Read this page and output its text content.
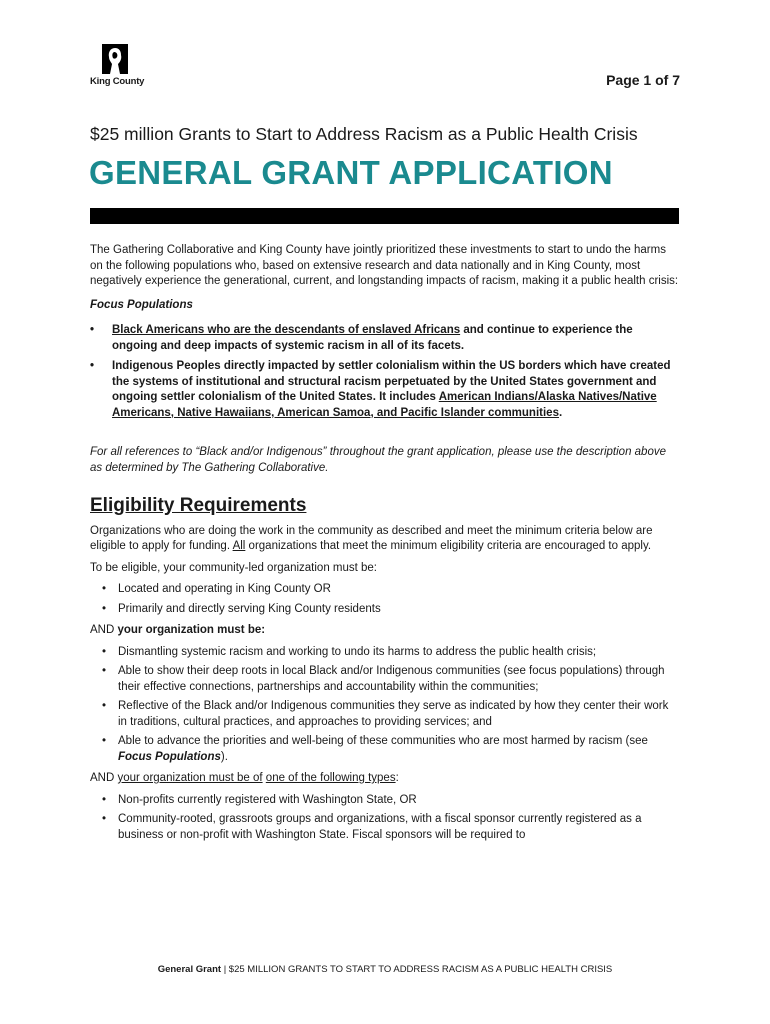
King County	Page 1 of 7
$25 million Grants to Start to Address Racism as a Public Health Crisis
GENERAL GRANT APPLICATION

The Gathering Collaborative and King County have jointly prioritized these investments to start to undo the harms on the following populations who, based on extensive research and data nationally and in King County, most negatively experience the generational, current, and longstanding impacts of racism, making it a public health crisis:

Focus Populations

• Black Americans who are the descendants of enslaved Africans and continue to experience the ongoing and deep impacts of systemic racism in all of its facets.
• Indigenous Peoples directly impacted by settler colonialism within the US borders which have created the systems of institutional and structural racism perpetuated by the United States government and ongoing settler colonialism of the United States. It includes American Indians/Alaska Natives/Native Americans, Native Hawaiians, American Samoa, and Pacific Islander communities.

For all references to “Black and/or Indigenous” throughout the grant application, please use the description above as determined by The Gathering Collaborative.

Eligibility Requirements

Organizations who are doing the work in the community as described and meet the minimum criteria below are eligible to apply for funding. All organizations that meet the minimum eligibility criteria are encouraged to apply.

To be eligible, your community-led organization must be:

• Located and operating in King County OR
• Primarily and directly serving King County residents

AND your organization must be:

• Dismantling systemic racism and working to undo its harms to address the public health crisis;
• Able to show their deep roots in local Black and/or Indigenous communities (see focus populations) through their effective connections, partnerships and accountability within the communities;
• Reflective of the Black and/or Indigenous communities they serve as indicated by how they center their work in traditions, cultural practices, and approaches to providing services; and
• Able to advance the priorities and well-being of these communities who are most harmed by racism (see Focus Populations).

AND your organization must be of one of the following types:

• Non-profits currently registered with Washington State, OR
• Community-rooted, grassroots groups and organizations, with a fiscal sponsor currently registered as a business or non-profit with Washington State. Fiscal sponsors will be required to
General Grant | $25 MILLION GRANTS TO START TO ADDRESS RACISM AS A PUBLIC HEALTH CRISIS
